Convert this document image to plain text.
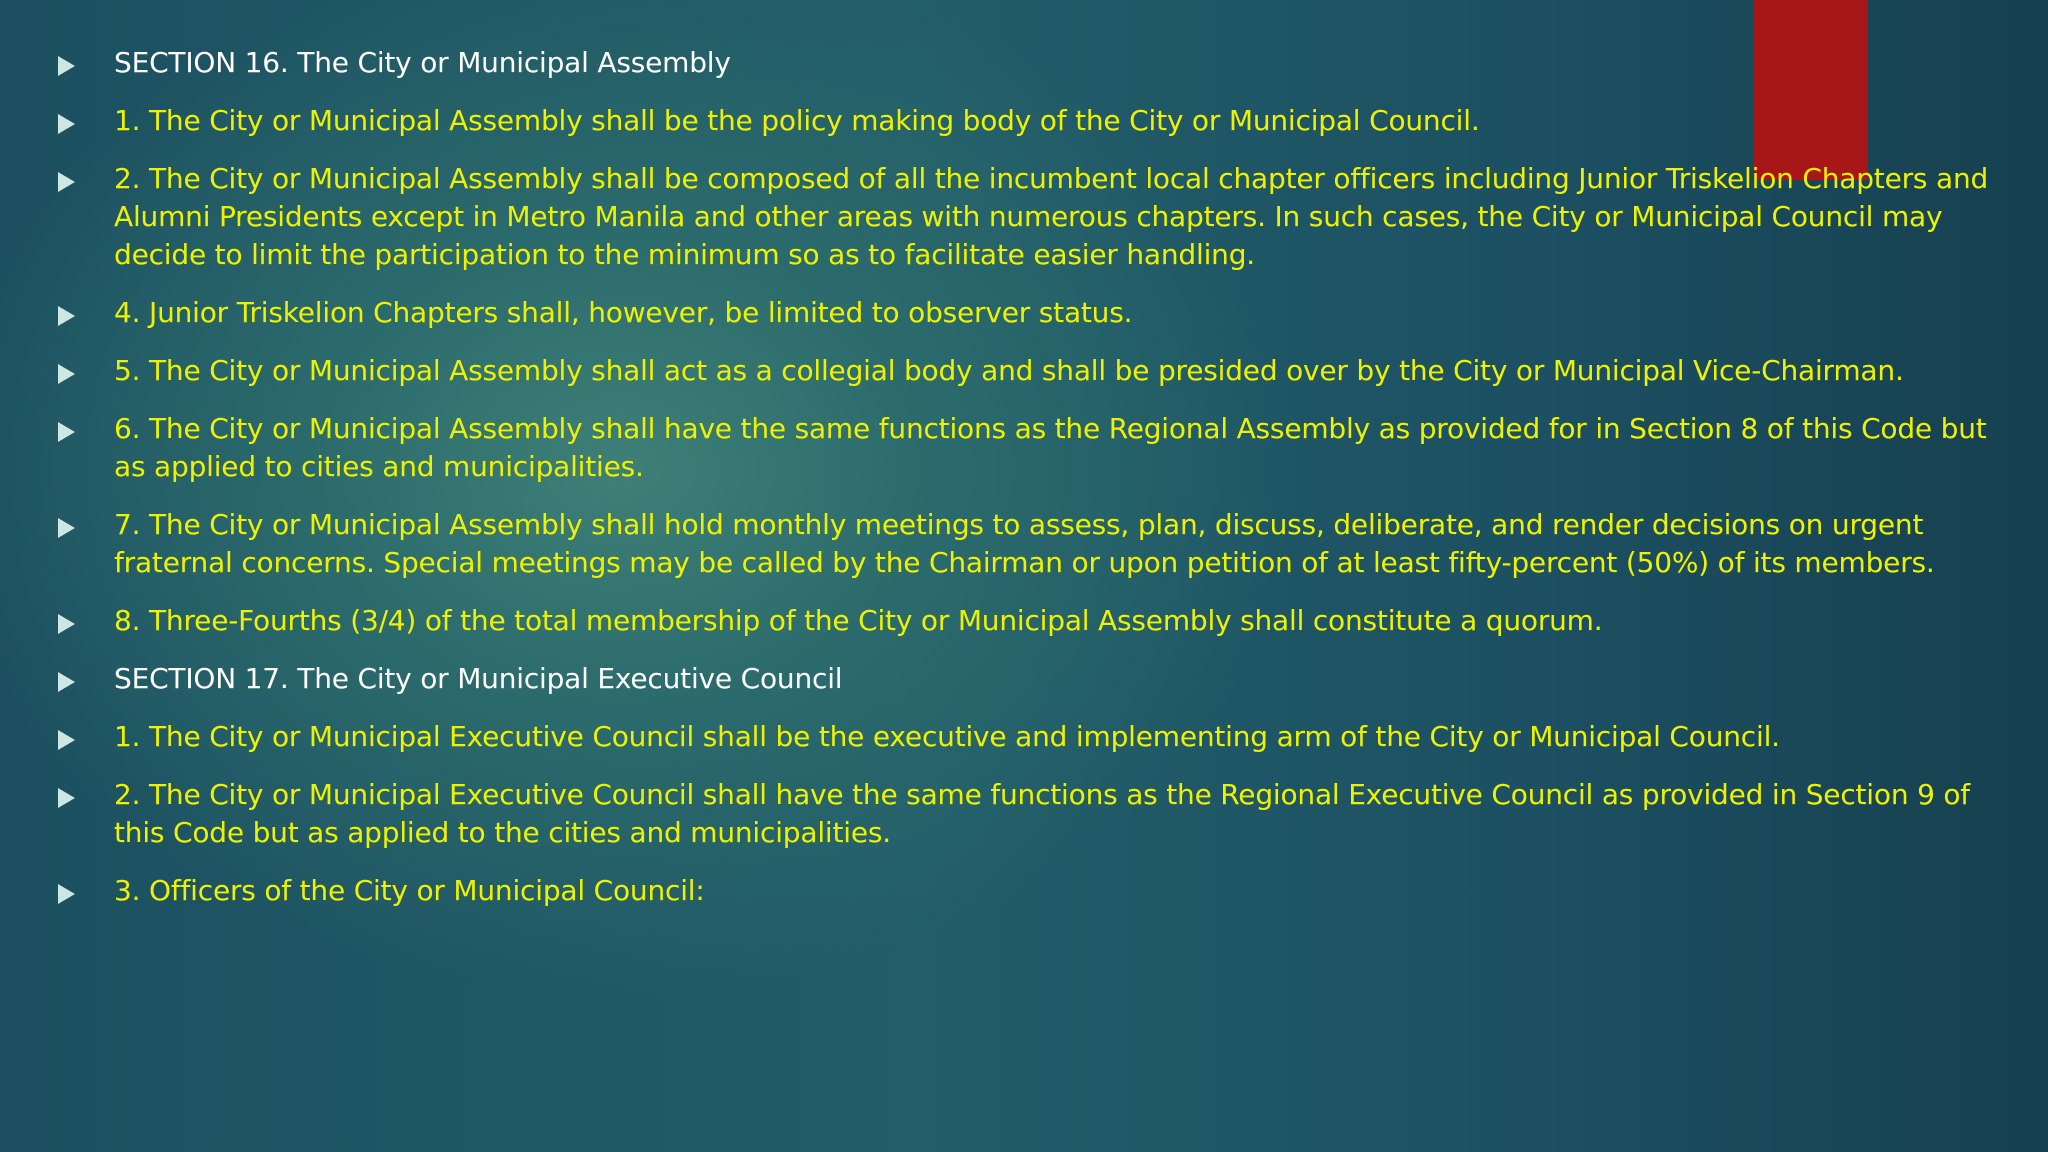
SECTION 16. The City or Municipal Assembly
1. The City or Municipal Assembly shall be the policy making body of the City or Municipal Council.
2. The City or Municipal Assembly shall be composed of all the incumbent local chapter officers including Junior Triskelion Chapters and Alumni Presidents except in Metro Manila and other areas with numerous chapters. In such cases, the City or Municipal Council may decide to limit the participation to the minimum so as to facilitate easier handling.
4. Junior Triskelion Chapters shall, however, be limited to observer status.
5. The City or Municipal Assembly shall act as a collegial body and shall be presided over by the City or Municipal Vice-Chairman.
6. The City or Municipal Assembly shall have the same functions as the Regional Assembly as provided for in Section 8 of this Code but as applied to cities and municipalities.
7. The City or Municipal Assembly shall hold monthly meetings to assess, plan, discuss, deliberate, and render decisions on urgent fraternal concerns. Special meetings may be called by the Chairman or upon petition of at least fifty-percent (50%) of its members.
8. Three-Fourths (3/4) of the total membership of the City or Municipal Assembly shall constitute a quorum.
SECTION 17. The City or Municipal Executive Council
1. The City or Municipal Executive Council shall be the executive and implementing arm of the City or Municipal Council.
2. The City or Municipal Executive Council shall have the same functions as the Regional Executive Council as provided in Section 9 of this Code but as applied to the cities and municipalities.
3. Officers of the City or Municipal Council:
